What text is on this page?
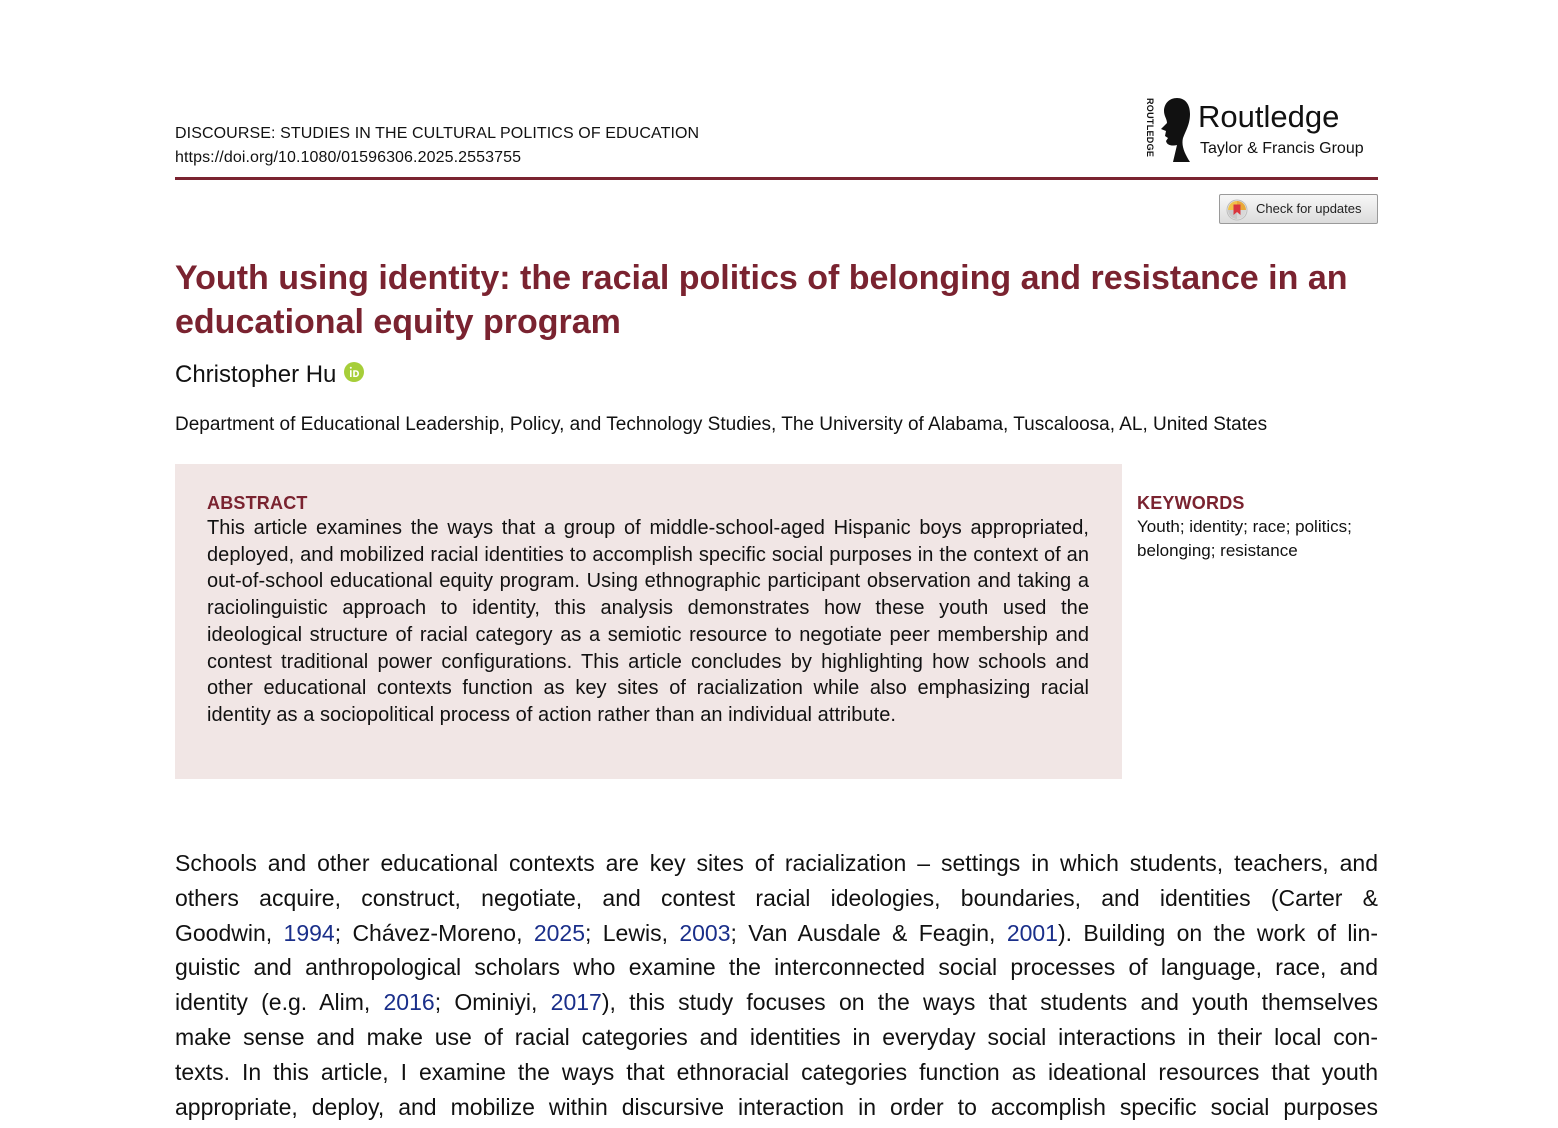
DISCOURSE: STUDIES IN THE CULTURAL POLITICS OF EDUCATION
https://doi.org/10.1080/01596306.2025.2553755
ROUTLEDGE Routledge
Taylor & Francis Group
Check for updates
Youth using identity: the racial politics of belonging and resistance in an educational equity program
Christopher Hu
Department of Educational Leadership, Policy, and Technology Studies, The University of Alabama, Tuscaloosa, AL, United States
ABSTRACT
This article examines the ways that a group of middle-school-aged Hispanic boys appropriated, deployed, and mobilized racial identities to accomplish specific social purposes in the context of an out-of-school educational equity program. Using ethnographic participant observation and taking a raciolinguistic approach to identity, this analysis demonstrates how these youth used the ideological structure of racial category as a semiotic resource to negotiate peer membership and contest traditional power configurations. This article concludes by highlighting how schools and other educational contexts function as key sites of racialization while also emphasizing racial identity as a sociopolitical process of action rather than an individual attribute.
KEYWORDS
Youth; identity; race; politics; belonging; resistance
Schools and other educational contexts are key sites of racialization – settings in which students, teachers, and
others acquire, construct, negotiate, and contest racial ideologies, boundaries, and identities (Carter &
Goodwin, 1994; Chávez-Moreno, 2025; Lewis, 2003; Van Ausdale & Feagin, 2001). Building on the work of lin-
guistic and anthropological scholars who examine the interconnected social processes of language, race, and
identity (e.g. Alim, 2016; Ominiyi, 2017), this study focuses on the ways that students and youth themselves
make sense and make use of racial categories and identities in everyday social interactions in their local con-
texts. In this article, I examine the ways that ethnoracial categories function as ideational resources that youth
appropriate, deploy, and mobilize within discursive interaction in order to accomplish specific social purposes
